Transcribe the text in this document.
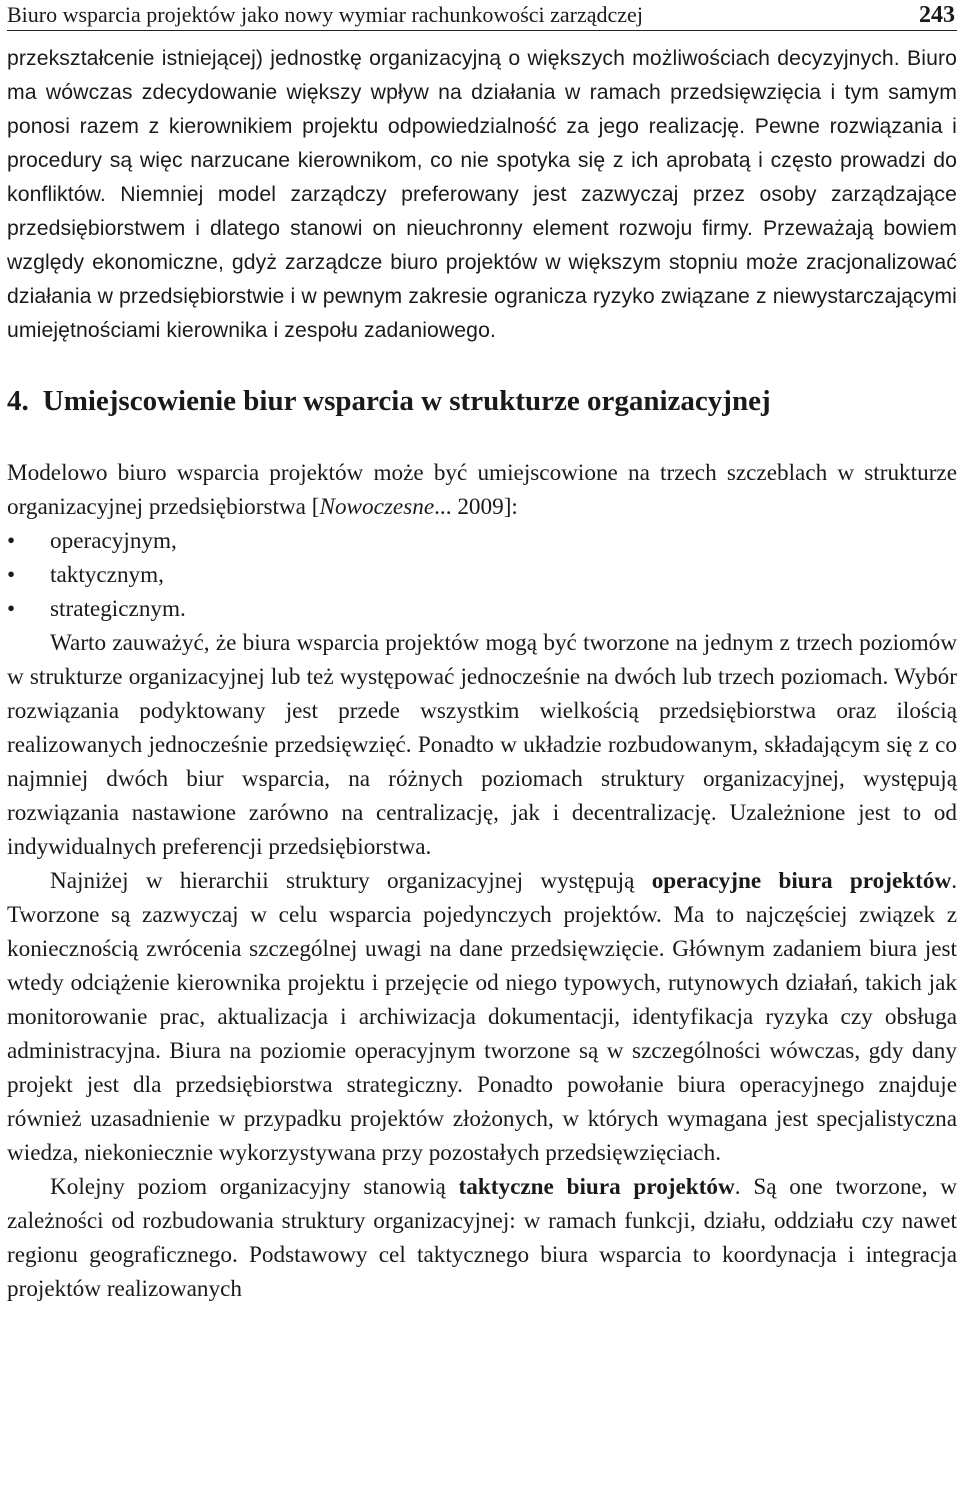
Biuro wsparcia projektów jako nowy wymiar rachunkowości zarządczej	243

przekształcenie istniejącej) jednostkę organizacyjną o większych możliwościach decyzyjnych. Biuro ma wówczas zdecydowanie większy wpływ na działania w ramach przedsięwzięcia i tym samym ponosi razem z kierownikiem projektu odpowiedzialność za jego realizację. Pewne rozwiązania i procedury są więc narzucane kierownikom, co nie spotyka się z ich aprobatą i często prowadzi do konfliktów. Niemniej model zarządczy preferowany jest zazwyczaj przez osoby zarządzające przedsiębiorstwem i dlatego stanowi on nieuchronny element rozwoju firmy. Przeważają bowiem względy ekonomiczne, gdyż zarządcze biuro projektów w większym stopniu może zracjonalizować działania w przedsiębiorstwie i w pewnym zakresie ogranicza ryzyko związane z niewystarczającymi umiejętnościami kierownika i zespołu zadaniowego.

4. Umiejscowienie biur wsparcia w strukturze organizacyjnej

Modelowo biuro wsparcia projektów może być umiejscowione na trzech szczeblach w strukturze organizacyjnej przedsiębiorstwa [Nowoczesne... 2009]:

• operacyjnym,
• taktycznym,
• strategicznym.

Warto zauważyć, że biura wsparcia projektów mogą być tworzone na jednym z trzech poziomów w strukturze organizacyjnej lub też występować jednocześnie na dwóch lub trzech poziomach. Wybór rozwiązania podyktowany jest przede wszystkim wielkością przedsiębiorstwa oraz ilością realizowanych jednocześnie przedsięwzięć. Ponadto w układzie rozbudowanym, składającym się z co najmniej dwóch biur wsparcia, na różnych poziomach struktury organizacyjnej, występują rozwiązania nastawione zarówno na centralizację, jak i decentralizację. Uzależnione jest to od indywidualnych preferencji przedsiębiorstwa.

Najniżej w hierarchii struktury organizacyjnej występują operacyjne biura projektów. Tworzone są zazwyczaj w celu wsparcia pojedynczych projektów. Ma to najczęściej związek z koniecznością zwrócenia szczególnej uwagi na dane przedsięwzięcie. Głównym zadaniem biura jest wtedy odciążenie kierownika projektu i przejęcie od niego typowych, rutynowych działań, takich jak monitorowanie prac, aktualizacja i archiwizacja dokumentacji, identyfikacja ryzyka czy obsługa administracyjna. Biura na poziomie operacyjnym tworzone są w szczególności wówczas, gdy dany projekt jest dla przedsiębiorstwa strategiczny. Ponadto powołanie biura operacyjnego znajduje również uzasadnienie w przypadku projektów złożonych, w których wymagana jest specjalistyczna wiedza, niekoniecznie wykorzystywana przy pozostałych przedsięwzięciach.

Kolejny poziom organizacyjny stanowią taktyczne biura projektów. Są one tworzone, w zależności od rozbudowania struktury organizacyjnej: w ramach funkcji, działu, oddziału czy nawet regionu geograficznego. Podstawowy cel taktycznego biura wsparcia to koordynacja i integracja projektów realizowanych
